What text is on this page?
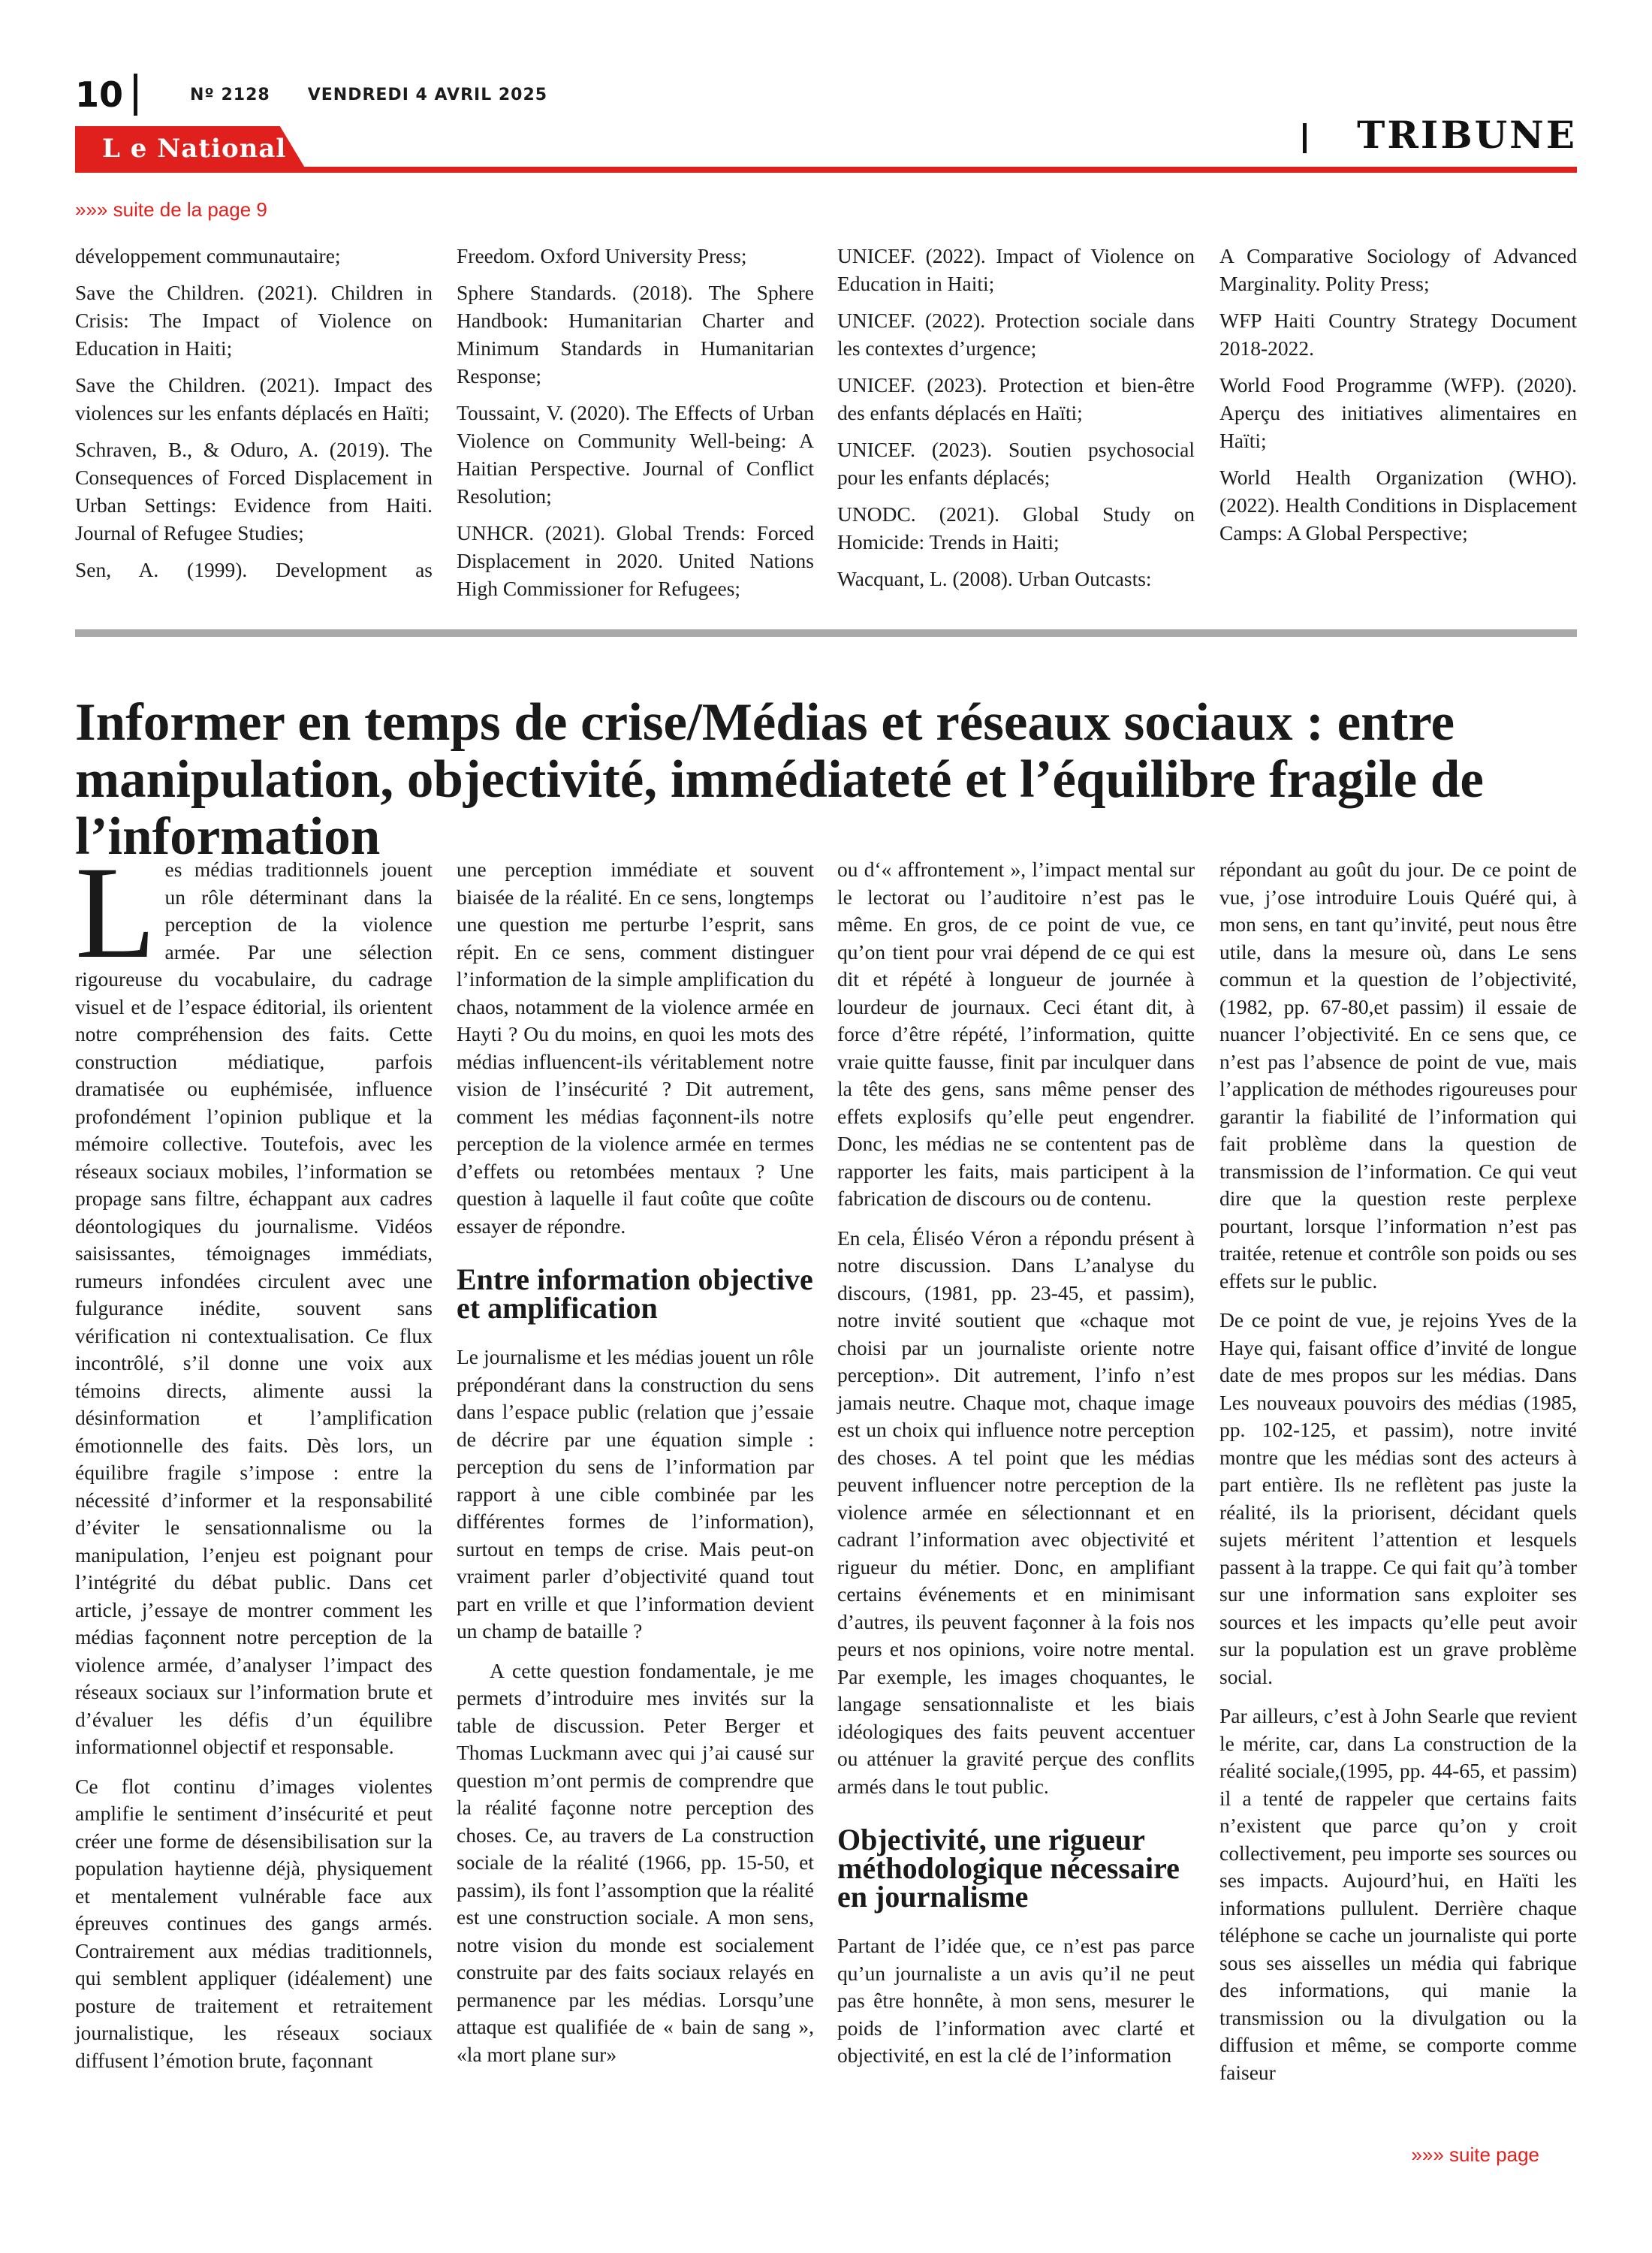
10	Nº 2128 VENDREDI 4 AVRIL 2025
L e National	TRIBUNE
»»» suite de la page 9

développement communautaire;

Save the Children. (2021). Children in Crisis: The Impact of Violence on Education in Haiti;

Save the Children. (2021). Impact des violences sur les enfants déplacés en Haïti;

Schraven, B., & Oduro, A. (2019). The Consequences of Forced Displacement in Urban Settings: Evidence from Haiti. Journal of Refugee Studies;

Sen, A. (1999). Development as

Freedom. Oxford University Press;

Sphere Standards. (2018). The Sphere Handbook: Humanitarian Charter and Minimum Standards in Humanitarian Response;

Toussaint, V. (2020). The Effects of Urban Violence on Community Well-being: A Haitian Perspective. Journal of Conflict Resolution;

UNHCR. (2021). Global Trends: Forced Displacement in 2020. United Nations High Commissioner for Refugees;

UNICEF. (2022). Impact of Violence on Education in Haiti;

UNICEF. (2022). Protection sociale dans les contextes d’urgence;

UNICEF. (2023). Protection et bien-être des enfants déplacés en Haïti;

UNICEF. (2023). Soutien psychosocial pour les enfants déplacés;

UNODC. (2021). Global Study on Homicide: Trends in Haiti;

Wacquant, L. (2008). Urban Outcasts:

A Comparative Sociology of Advanced Marginality. Polity Press;

WFP Haiti Country Strategy Document 2018-2022.

World Food Programme (WFP). (2020). Aperçu des initiatives alimentaires en Haïti;

World Health Organization (WHO). (2022). Health Conditions in Displacement Camps: A Global Perspective;

Informer en temps de crise/Médias et réseaux sociaux : entre manipulation, objectivité, immédiateté et l’équilibre fragile de l’information

Les médias traditionnels jouent un rôle déterminant dans la perception de la violence armée. Par une sélection rigoureuse du vocabulaire, du cadrage visuel et de l’espace éditorial, ils orientent notre compréhension des faits. Cette construction médiatique, parfois dramatisée ou euphémisée, influence profondément l’opinion publique et la mémoire collective. Toutefois, avec les réseaux sociaux mobiles, l’information se propage sans filtre, échappant aux cadres déontologiques du journalisme. Vidéos saisissantes, témoignages immédiats, rumeurs infondées circulent avec une fulgurance inédite, souvent sans vérification ni contextualisation. Ce flux incontrôlé, s’il donne une voix aux témoins directs, alimente aussi la désinformation et l’amplification émotionnelle des faits. Dès lors, un équilibre fragile s’impose : entre la nécessité d’informer et la responsabilité d’éviter le sensationnalisme ou la manipulation, l’enjeu est poignant pour l’intégrité du débat public. Dans cet article, j’essaye de montrer comment les médias façonnent notre perception de la violence armée, d’analyser l’impact des réseaux sociaux sur l’information brute et d’évaluer les défis d’un équilibre informationnel objectif et responsable.

Ce flot continu d’images violentes amplifie le sentiment d’insécurité et peut créer une forme de désensibilisation sur la population haytienne déjà, physiquement et mentalement vulnérable face aux épreuves continues des gangs armés. Contrairement aux médias traditionnels, qui semblent appliquer (idéalement) une posture de traitement et retraitement journalistique, les réseaux sociaux diffusent l’émotion brute, façonnant

une perception immédiate et souvent biaisée de la réalité. En ce sens, longtemps une question me perturbe l’esprit, sans répit. En ce sens, comment distinguer l’information de la simple amplification du chaos, notamment de la violence armée en Hayti ? Ou du moins, en quoi les mots des médias influencent-ils véritablement notre vision de l’insécurité ? Dit autrement, comment les médias façonnent-ils notre perception de la violence armée en termes d’effets ou retombées mentaux ? Une question à laquelle il faut coûte que coûte essayer de répondre.

Entre information objective et amplification

Le journalisme et les médias jouent un rôle prépondérant dans la construction du sens dans l’espace public (relation que j’essaie de décrire par une équation simple : perception du sens de l’information par rapport à une cible combinée par les différentes formes de l’information), surtout en temps de crise. Mais peut-on vraiment parler d’objectivité quand tout part en vrille et que l’information devient un champ de bataille ?

A cette question fondamentale, je me permets d’introduire mes invités sur la table de discussion. Peter Berger et Thomas Luckmann avec qui j’ai causé sur question m’ont permis de comprendre que la réalité façonne notre perception des choses. Ce, au travers de La construction sociale de la réalité (1966, pp. 15-50, et passim), ils font l’assomption que la réalité est une construction sociale. A mon sens, notre vision du monde est socialement construite par des faits sociaux relayés en permanence par les médias. Lorsqu’une attaque est qualifiée de « bain de sang », «la mort plane sur»

ou d‘« affrontement », l’impact mental sur le lectorat ou l’auditoire n’est pas le même. En gros, de ce point de vue, ce qu’on tient pour vrai dépend de ce qui est dit et répété à longueur de journée à lourdeur de journaux. Ceci étant dit, à force d’être répété, l’information, quitte vraie quitte fausse, finit par inculquer dans la tête des gens, sans même penser des effets explosifs qu’elle peut engendrer. Donc, les médias ne se contentent pas de rapporter les faits, mais participent à la fabrication de discours ou de contenu.

En cela, Éliséo Véron a répondu présent à notre discussion. Dans L’analyse du discours, (1981, pp. 23-45, et passim), notre invité soutient que «chaque mot choisi par un journaliste oriente notre perception». Dit autrement, l’info n’est jamais neutre. Chaque mot, chaque image est un choix qui influence notre perception des choses. A tel point que les médias peuvent influencer notre perception de la violence armée en sélectionnant et en cadrant l’information avec objectivité et rigueur du métier. Donc, en amplifiant certains événements et en minimisant d’autres, ils peuvent façonner à la fois nos peurs et nos opinions, voire notre mental. Par exemple, les images choquantes, le langage sensationnaliste et les biais idéologiques des faits peuvent accentuer ou atténuer la gravité perçue des conflits armés dans le tout public.

Objectivité, une rigueur méthodologique nécessaire en journalisme

Partant de l’idée que, ce n’est pas parce qu’un journaliste a un avis qu’il ne peut pas être honnête, à mon sens, mesurer le poids de l’information avec clarté et objectivité, en est la clé de l’information

répondant au goût du jour. De ce point de vue, j’ose introduire Louis Quéré qui, à mon sens, en tant qu’invité, peut nous être utile, dans la mesure où, dans Le sens commun et la question de l’objectivité, (1982, pp. 67-80,et passim) il essaie de nuancer l’objectivité. En ce sens que, ce n’est pas l’absence de point de vue, mais l’application de méthodes rigoureuses pour garantir la fiabilité de l’information qui fait problème dans la question de transmission de l’information. Ce qui veut dire que la question reste perplexe pourtant, lorsque l’information n’est pas traitée, retenue et contrôle son poids ou ses effets sur le public.

De ce point de vue, je rejoins Yves de la Haye qui, faisant office d’invité de longue date de mes propos sur les médias. Dans Les nouveaux pouvoirs des médias (1985, pp. 102-125, et passim), notre invité montre que les médias sont des acteurs à part entière. Ils ne reflètent pas juste la réalité, ils la priorisent, décidant quels sujets méritent l’attention et lesquels passent à la trappe. Ce qui fait qu’à tomber sur une information sans exploiter ses sources et les impacts qu’elle peut avoir sur la population est un grave problème social.

Par ailleurs, c’est à John Searle que revient le mérite, car, dans La construction de la réalité sociale,(1995, pp. 44-65, et passim) il a tenté de rappeler que certains faits n’existent que parce qu’on y croit collectivement, peu importe ses sources ou ses impacts. Aujourd’hui, en Haïti les informations pullulent. Derrière chaque téléphone se cache un journaliste qui porte sous ses aisselles un média qui fabrique des informations, qui manie la transmission ou la divulgation ou la diffusion et même, se comporte comme faiseur

»»» suite page
